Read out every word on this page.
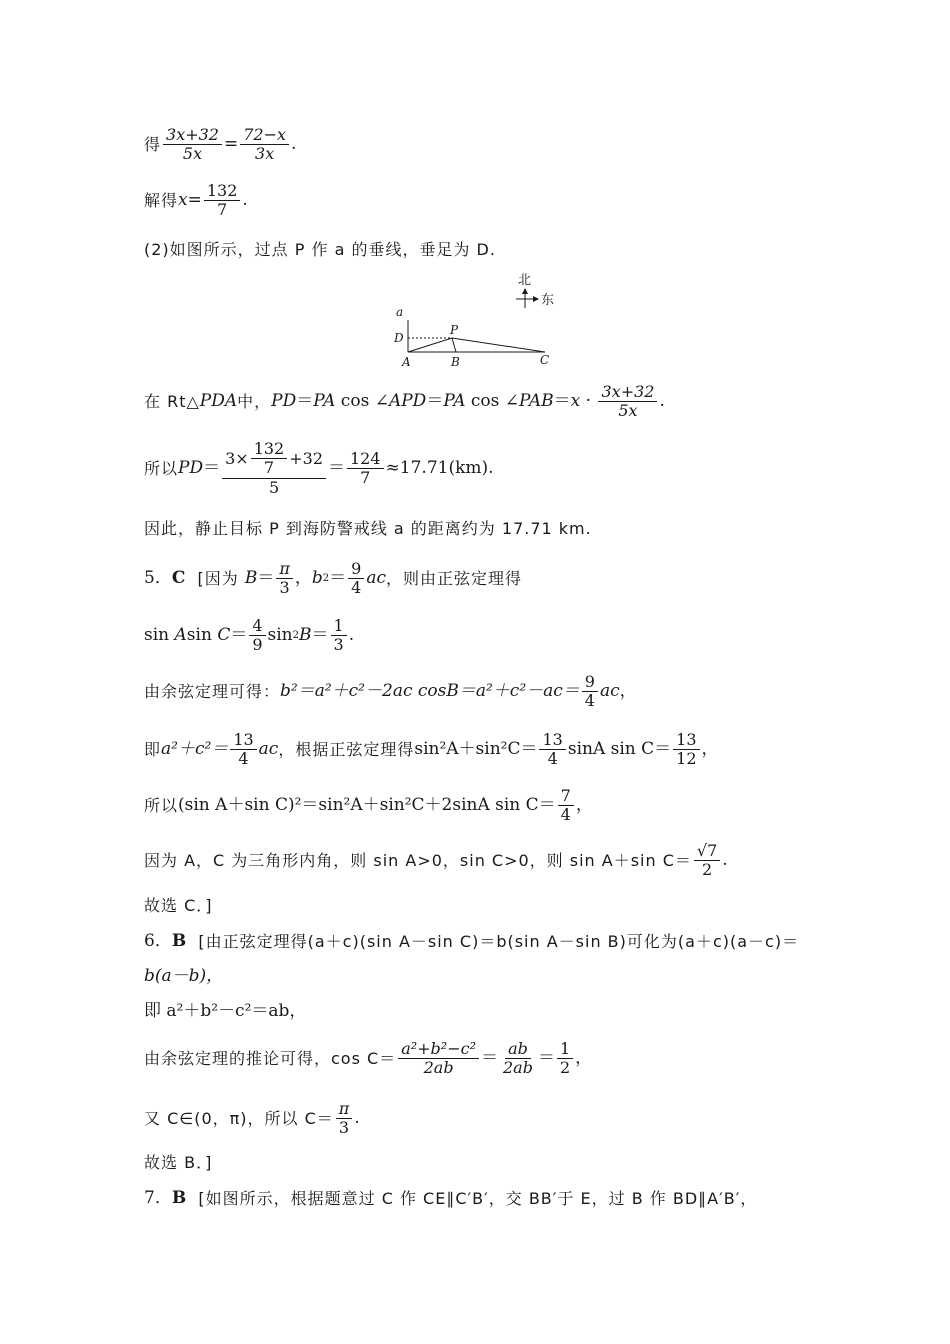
得 $\frac{3x+32}{5x} = \frac{72-x}{3x}$ .
解得 $x = \frac{132}{7}$ .
(2)如图所示，过点 P 作 a 的垂线，垂足为 D.
北
东
a
D
P
A	B	C
在 Rt△ PDA 中， PD ＝ PA cos ∠ APD ＝ PA cos ∠ PAB ＝ $x \cdot \frac{3x+32}{5x}$ .
所以 PD ＝ $\frac{3\times \frac{132}{7} +32}{5} = \frac{124}{7} \approx 17.71(km)$.
因此，静止目标 P 到海防警戒线 a 的距离约为 17.71 km.
5． C [因为 $B = \frac{\pi}{3}$ ， b $2 = \frac{9}{4}$ ac ，则由正弦定理得
sin A $\sin C = \frac{4}{9}$ sin 2 $B = \frac{1}{3}$ .
由余弦定理可得： b²＝a²＋c²－2ac $\cos B=a^2+c^2-ac= \frac{9}{4}$ ac ，
即 $a^2+c^2= \frac{13}{4}$ ac ，根据正弦定理得 $\sin^2A+\sin^2C= \frac{13}{4}$ sinA $\sin C= \frac{13}{12}$ ，
所以 (sin A＋sin C)²＝sin²A＋sin²C＋2sinA $\sin C= \frac{7}{4}$ ，
因为 A，C 为三角形内角，则 sin A>0，sin C>0，则 sin A＋sin $C= \frac{√7}{2}$ .
故选 C．]
6． B [由正弦定理得(a＋c)(sin A－sin C)＝b(sin A－sin B)可化为(a＋c)(a－c)＝
b(a－b)，
即 a²＋b²－c²＝ab，
由余弦定理的推论可得，$\cos C= \frac{\text{a²+b²−c²}}{2ab} = \frac{ab}{2ab} = \frac{1}{2}$ ，
又 C∈(0，π)，所以 $C= \frac{\pi}{3}$ .
故选 B．]
7． B [如图所示，根据题意过 C 作 CE∥C′B′，交 BB′于 E，过 B 作 BD∥A′B′，
